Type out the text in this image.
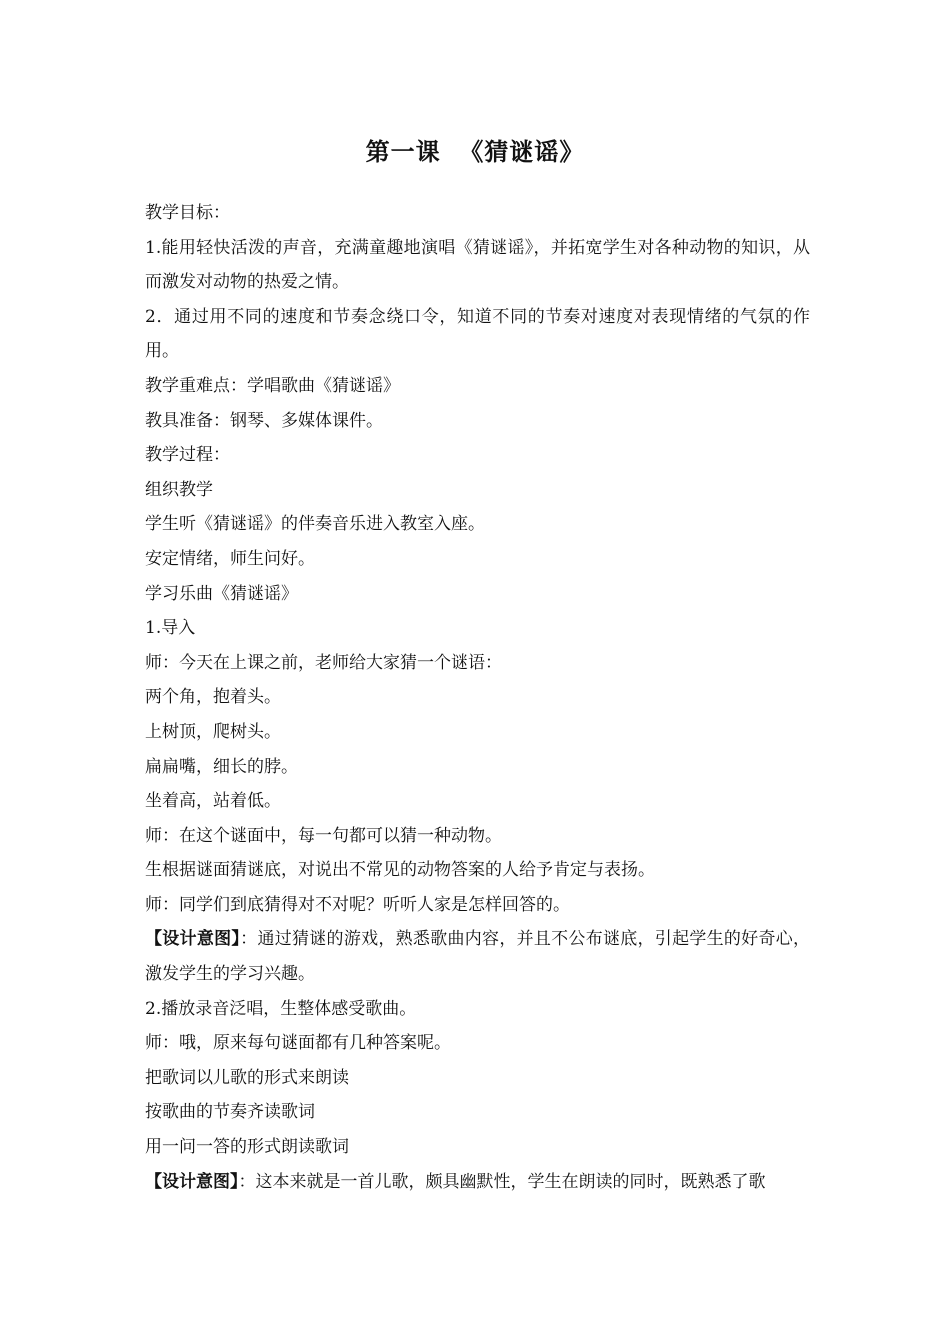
第一课  《猜谜谣》

教学目标：

1.能用轻快活泼的声音，充满童趣地演唱《猜谜谣》，并拓宽学生对各种动物的知识，从而激发对动物的热爱之情。

2．通过用不同的速度和节奏念绕口令，知道不同的节奏对速度对表现情绪的气氛的作用。

教学重难点：学唱歌曲《猜谜谣》

教具准备：钢琴、多媒体课件。

教学过程：

组织教学

学生听《猜谜谣》的伴奏音乐进入教室入座。

安定情绪，师生问好。

学习乐曲《猜谜谣》

1.导入

师：今天在上课之前，老师给大家猜一个谜语：

两个角，抱着头。

上树顶，爬树头。

扁扁嘴，细长的脖。

坐着高，站着低。

师：在这个谜面中，每一句都可以猜一种动物。

生根据谜面猜谜底，对说出不常见的动物答案的人给予肯定与表扬。

师：同学们到底猜得对不对呢？听听人家是怎样回答的。

【设计意图】：通过猜谜的游戏，熟悉歌曲内容，并且不公布谜底，引起学生的好奇心，激发学生的学习兴趣。

2.播放录音泛唱，生整体感受歌曲。

师：哦，原来每句谜面都有几种答案呢。

把歌词以儿歌的形式来朗读

按歌曲的节奏齐读歌词

用一问一答的形式朗读歌词

【设计意图】：这本来就是一首儿歌，颇具幽默性，学生在朗读的同时，既熟悉了歌
